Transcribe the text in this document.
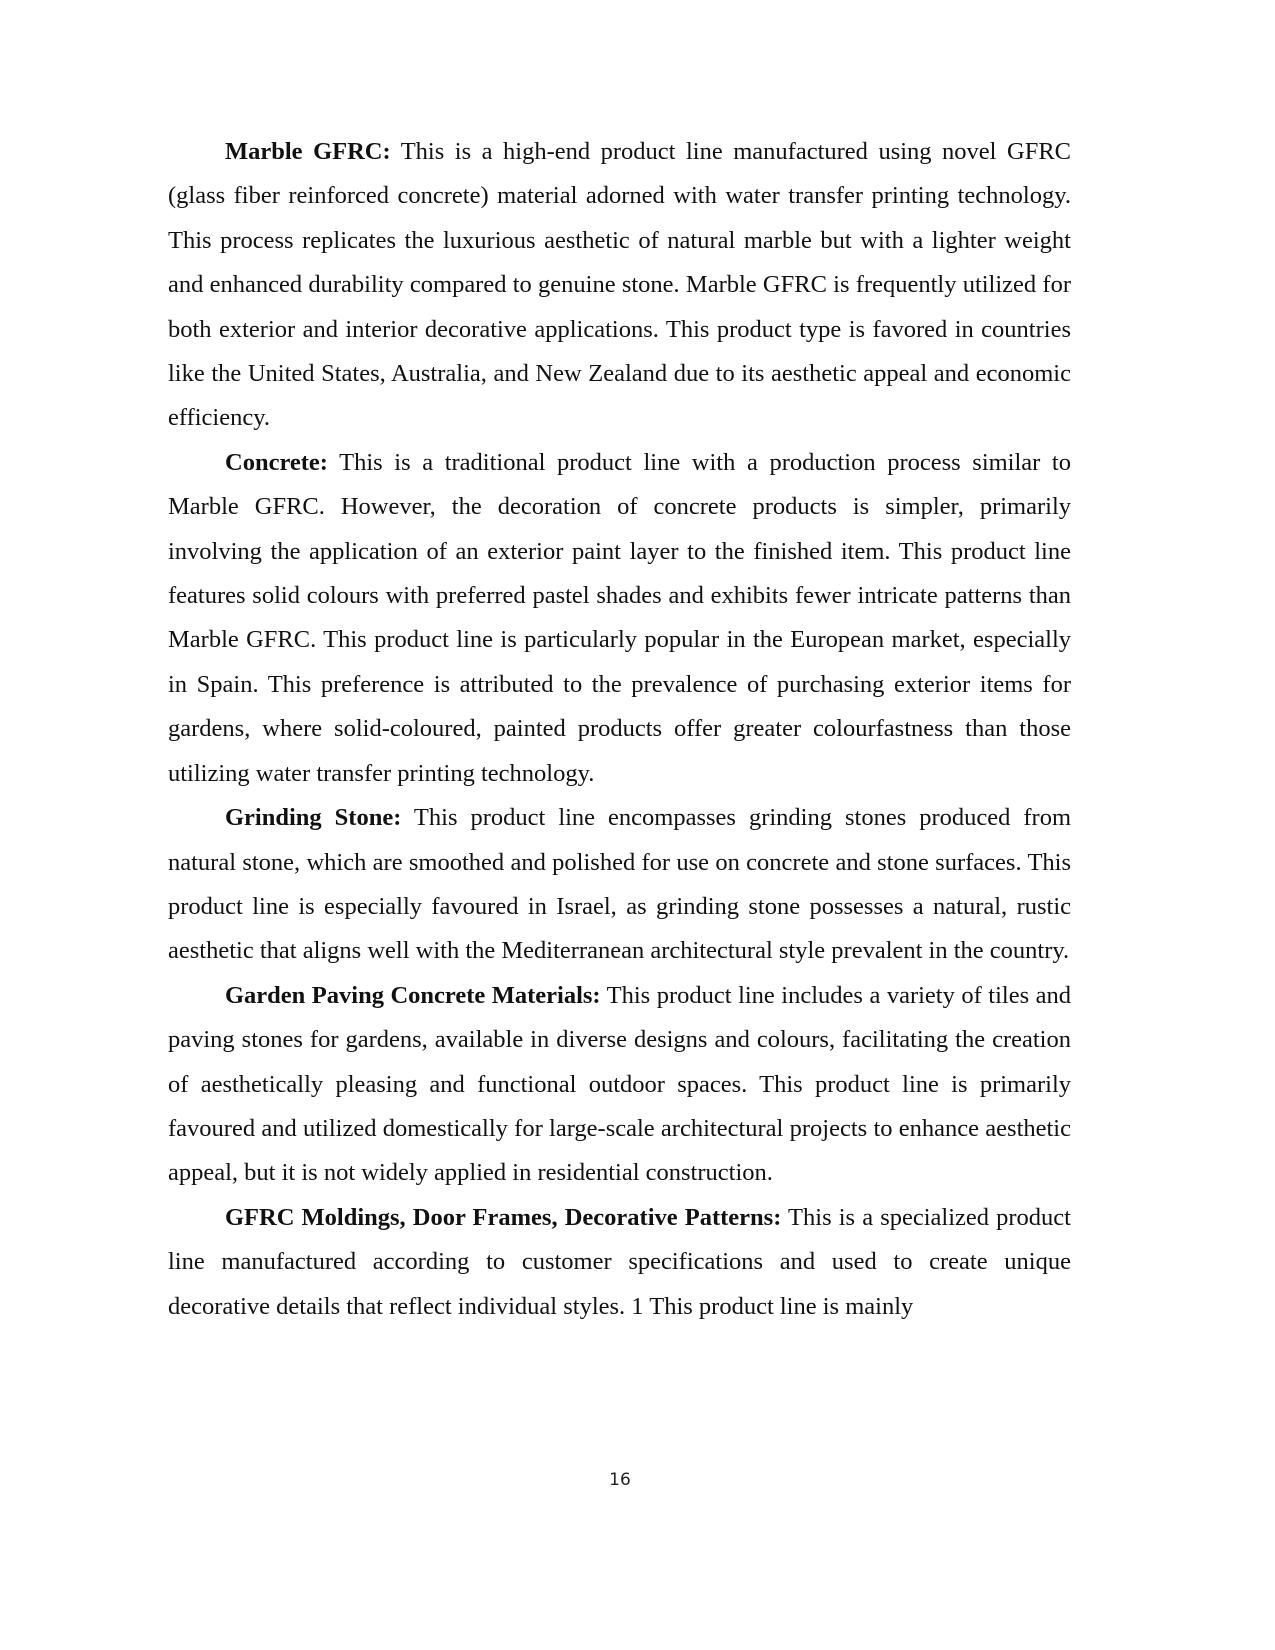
Marble GFRC: This is a high-end product line manufactured using novel GFRC (glass fiber reinforced concrete) material adorned with water transfer printing technology. This process replicates the luxurious aesthetic of natural marble but with a lighter weight and enhanced durability compared to genuine stone. Marble GFRC is frequently utilized for both exterior and interior decorative applications. This product type is favored in countries like the United States, Australia, and New Zealand due to its aesthetic appeal and economic efficiency.

Concrete: This is a traditional product line with a production process similar to Marble GFRC. However, the decoration of concrete products is simpler, primarily involving the application of an exterior paint layer to the finished item. This product line features solid colours with preferred pastel shades and exhibits fewer intricate patterns than Marble GFRC. This product line is particularly popular in the European market, especially in Spain. This preference is attributed to the prevalence of purchasing exterior items for gardens, where solid-coloured, painted products offer greater colourfastness than those utilizing water transfer printing technology.

Grinding Stone: This product line encompasses grinding stones produced from natural stone, which are smoothed and polished for use on concrete and stone surfaces. This product line is especially favoured in Israel, as grinding stone possesses a natural, rustic aesthetic that aligns well with the Mediterranean architectural style prevalent in the country.

Garden Paving Concrete Materials: This product line includes a variety of tiles and paving stones for gardens, available in diverse designs and colours, facilitating the creation of aesthetically pleasing and functional outdoor spaces. This product line is primarily favoured and utilized domestically for large-scale architectural projects to enhance aesthetic appeal, but it is not widely applied in residential construction.

GFRC Moldings, Door Frames, Decorative Patterns: This is a specialized product line manufactured according to customer specifications and used to create unique decorative details that reflect individual styles. 1 This product line is mainly

16
